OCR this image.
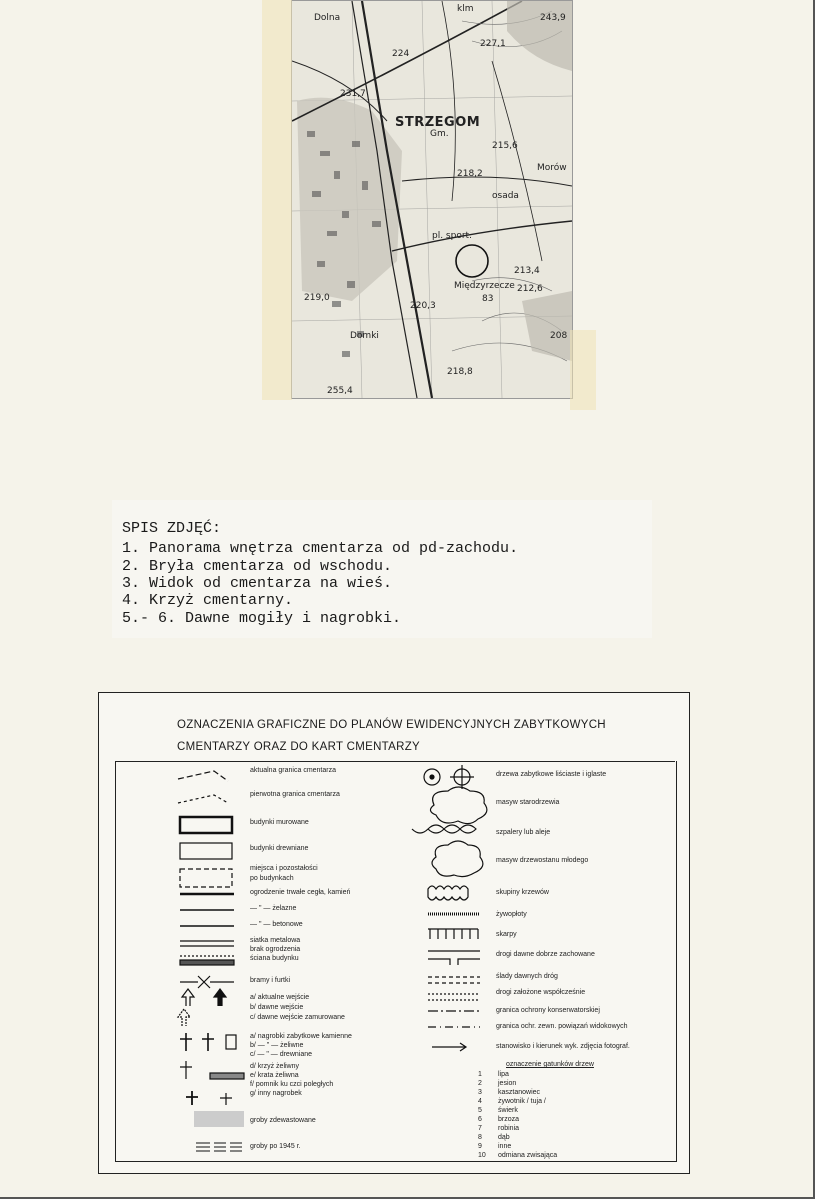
Dolna
klm
243,9
227,1
224
231,7
STRZEGOM
Gm.
215,6
Morów
218,2
osada
pl. sport.
213,4
Międzyrzecze
83
212,6
219,0
220,3
208
Domki
218,8
255,4
SPIS ZDJĘĆ:
1. Panorama wnętrza cmentarza od pd-zachodu.
2. Bryła cmentarza od wschodu.
3. Widok od cmentarza na wieś.
4. Krzyż cmentarny.
5.- 6. Dawne mogiły i nagrobki.
OZNACZENIA GRAFICZNE DO PLANÓW EWIDENCYJNYCH ZABYTKOWYCH
CMENTARZY ORAZ DO KART CMENTARZY
aktualna granica cmentarza
pierwotna granica cmentarza
budynki murowane
budynki drewniane
miejsca i pozostałości
po budynkach
ogrodzenie trwałe cegła, kamień
— " — żelazne
— " — betonowe
siatka metalowa
brak ogrodzenia
ściana budynku
bramy i furtki
a/ aktualne wejście
b/ dawne wejście
c/ dawne wejście zamurowane
a/ nagrobki zabytkowe kamienne
b/ — " — żeliwne
c/ — " — drewniane
d/ krzyż żeliwny
e/ krata żeliwna
f/ pomnik ku czci poległych
g/ inny nagrobek
groby zdewastowane
groby po 1945 r.
drzewa zabytkowe liściaste i iglaste
masyw starodrzewia
szpalery lub aleje
masyw drzewostanu młodego
skupiny krzewów
żywopłoty
skarpy
drogi dawne dobrze zachowane
ślady dawnych dróg
drogi założone współcześnie
granica ochrony konserwatorskiej
granica ochr. zewn. powiązań widokowych
stanowisko i kierunek wyk. zdjęcia fotograf.
oznaczenie gatunków drzew
1 lipa
2 jesion
3 kasztanowiec
4 żywotnik / tuja /
5 świerk
6 brzoza
7 robinia
8 dąb
9 inne
10 odmiana zwisająca
